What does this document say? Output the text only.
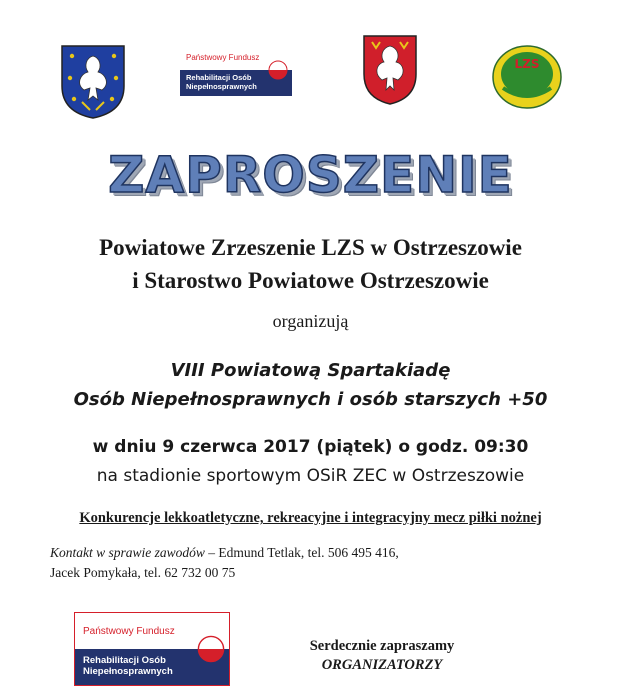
Państwowy Fundusz
Rehabilitacji Osób
Niepełnosprawnych
LZS
ZAPROSZENIE
Powiatowe Zrzeszenie LZS w Ostrzeszowie
i Starostwo Powiatowe Ostrzeszowie
organizują
VIII Powiatową Spartakiadę
Osób Niepełnosprawnych i osób starszych +50
w dniu 9 czerwca 2017 (piątek) o godz. 09:30
na stadionie sportowym OSiR ZEC w Ostrzeszowie
Konkurencje lekkoatletyczne, rekreacyjne i integracyjny mecz piłki nożnej
Kontakt w sprawie zawodów – Edmund Tetlak, tel. 506 495 416,
Jacek Pomykała, tel. 62 732 00 75
Państwowy Fundusz
Rehabilitacji Osób
Niepełnosprawnych
Serdecznie zapraszamy
ORGANIZATORZY
